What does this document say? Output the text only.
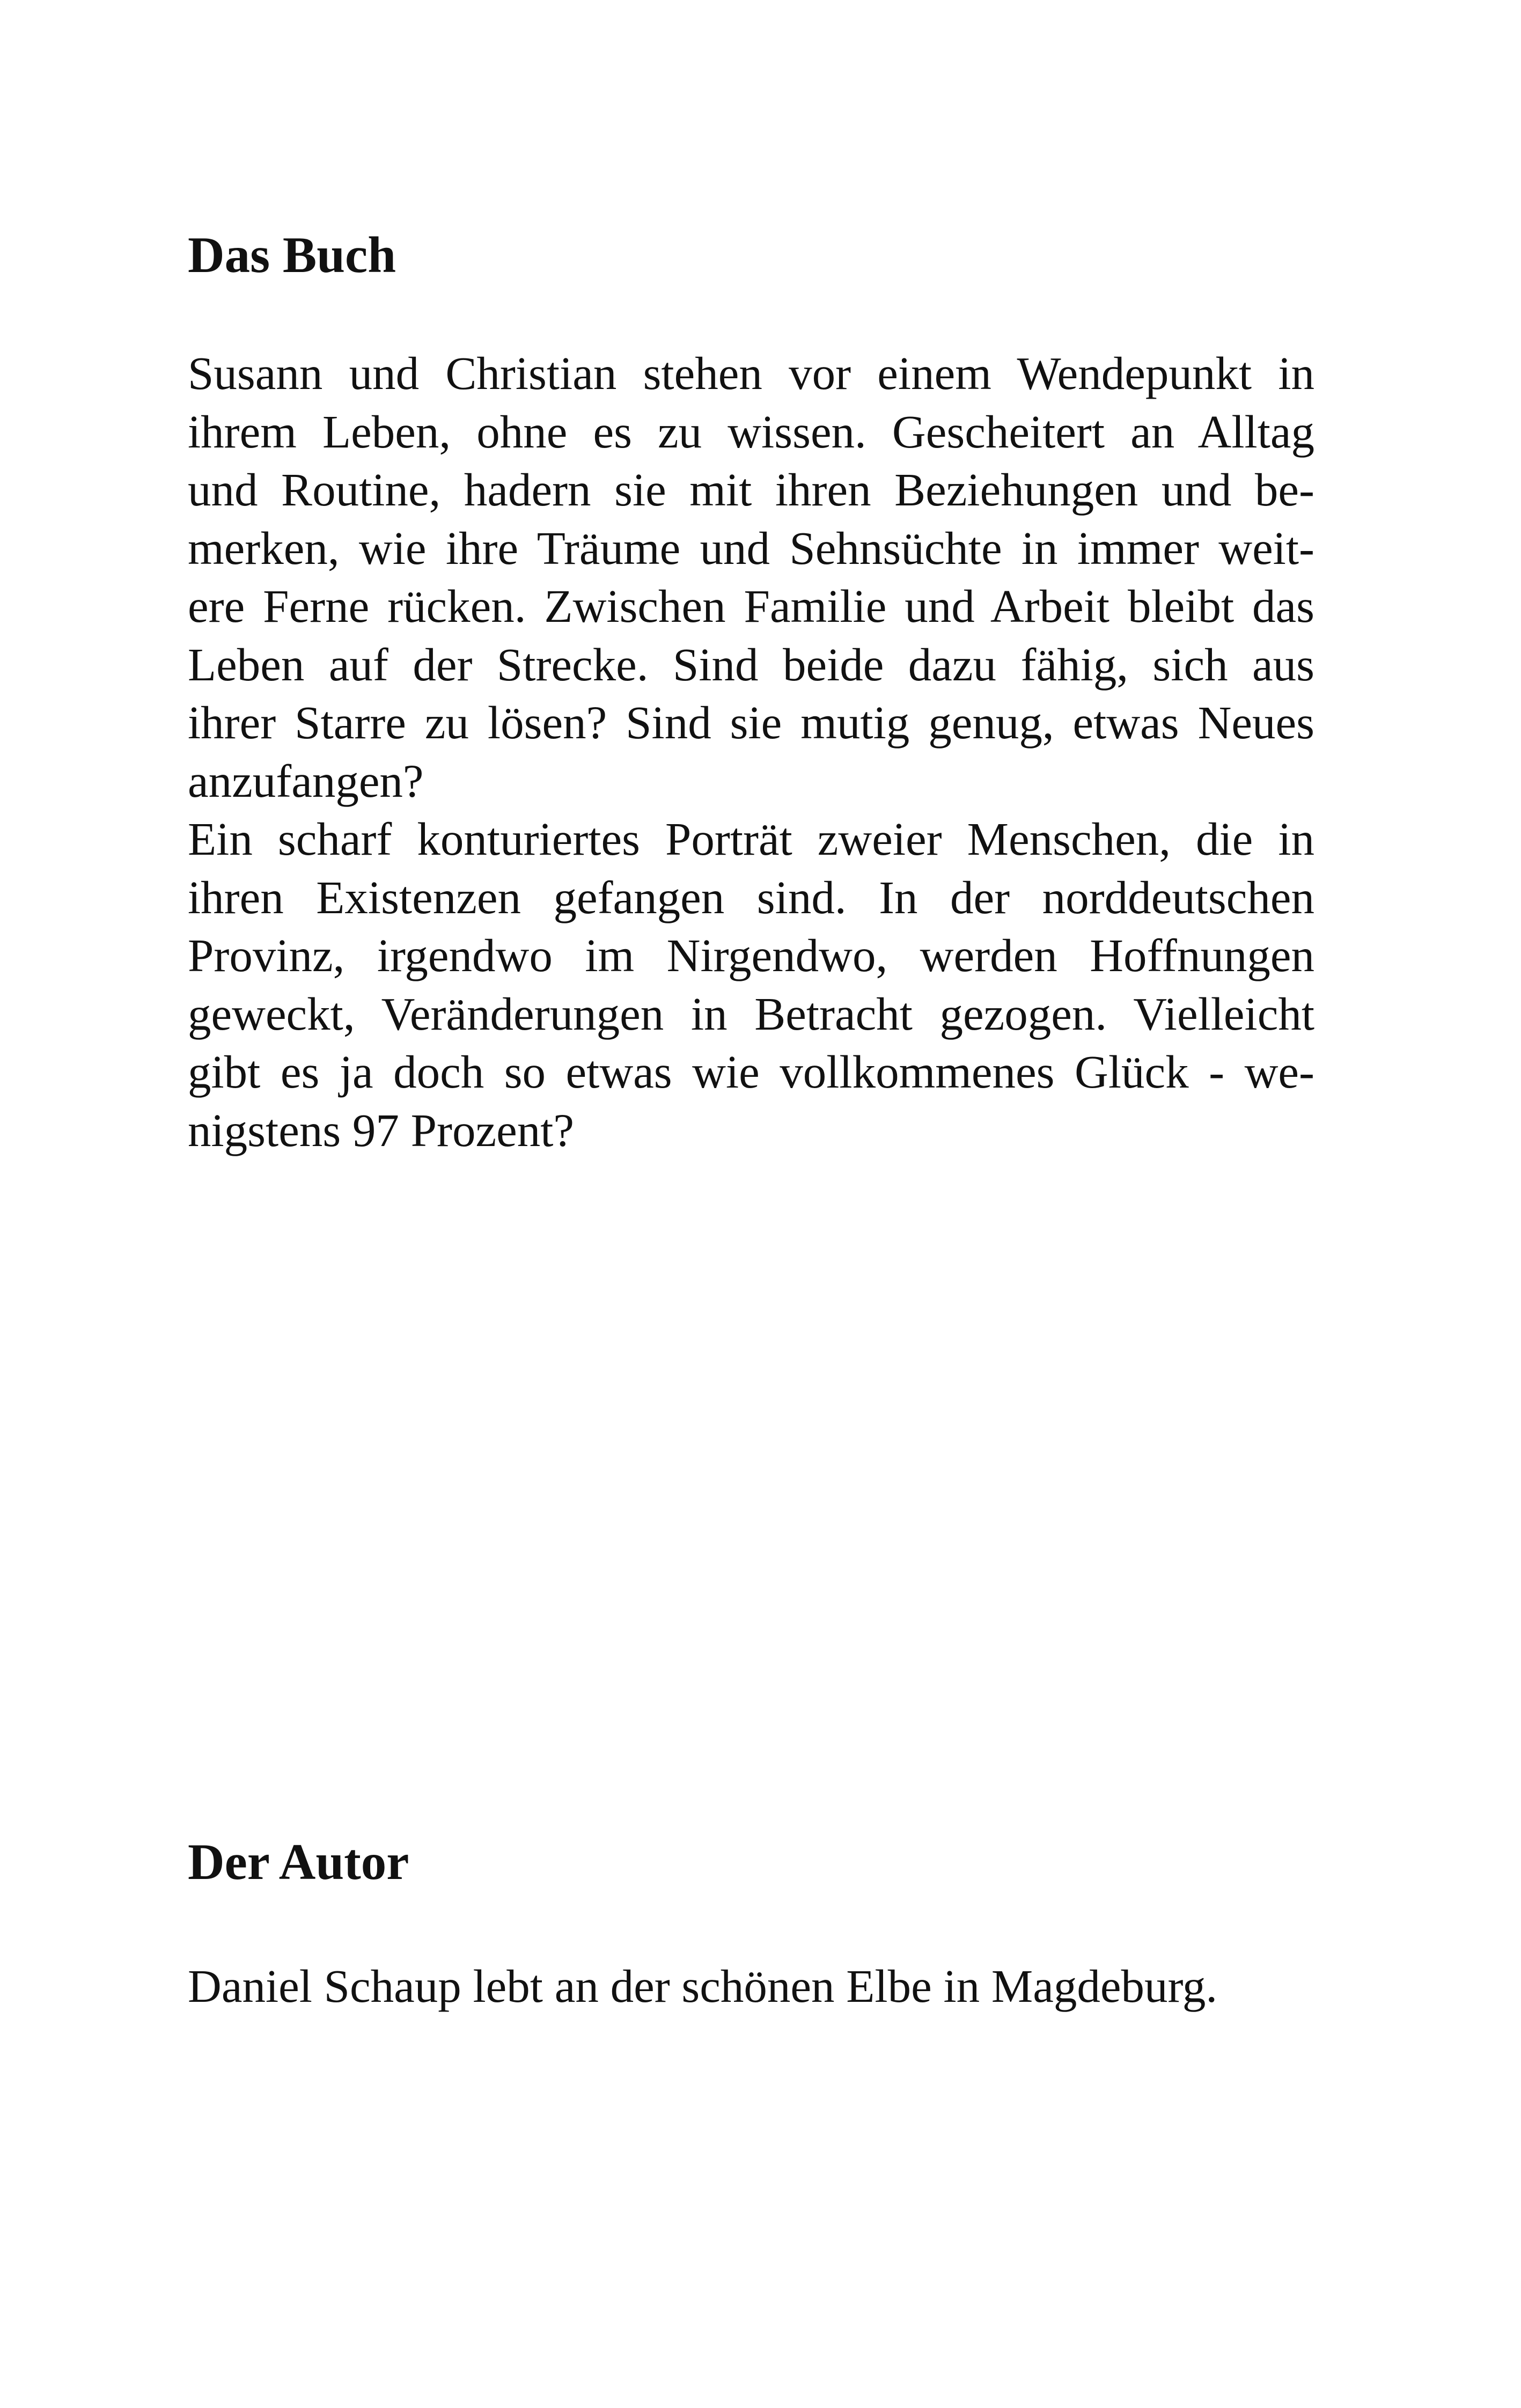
Das Buch
Susann und Christian stehen vor einem Wendepunkt in
ihrem Leben, ohne es zu wissen. Gescheitert an Alltag
und Routine, hadern sie mit ihren Beziehungen und be-
merken, wie ihre Träume und Sehnsüchte in immer weit-
ere Ferne rücken. Zwischen Familie und Arbeit bleibt das
Leben auf der Strecke. Sind beide dazu fähig, sich aus
ihrer Starre zu lösen? Sind sie mutig genug, etwas Neues
anzufangen?
Ein scharf konturiertes Porträt zweier Menschen, die in
ihren Existenzen gefangen sind. In der norddeutschen
Provinz, irgendwo im Nirgendwo, werden Hoffnungen
geweckt, Veränderungen in Betracht gezogen. Vielleicht
gibt es ja doch so etwas wie vollkommenes Glück - we-
nigstens 97 Prozent?
Der Autor
Daniel Schaup lebt an der schönen Elbe in Magdeburg.
